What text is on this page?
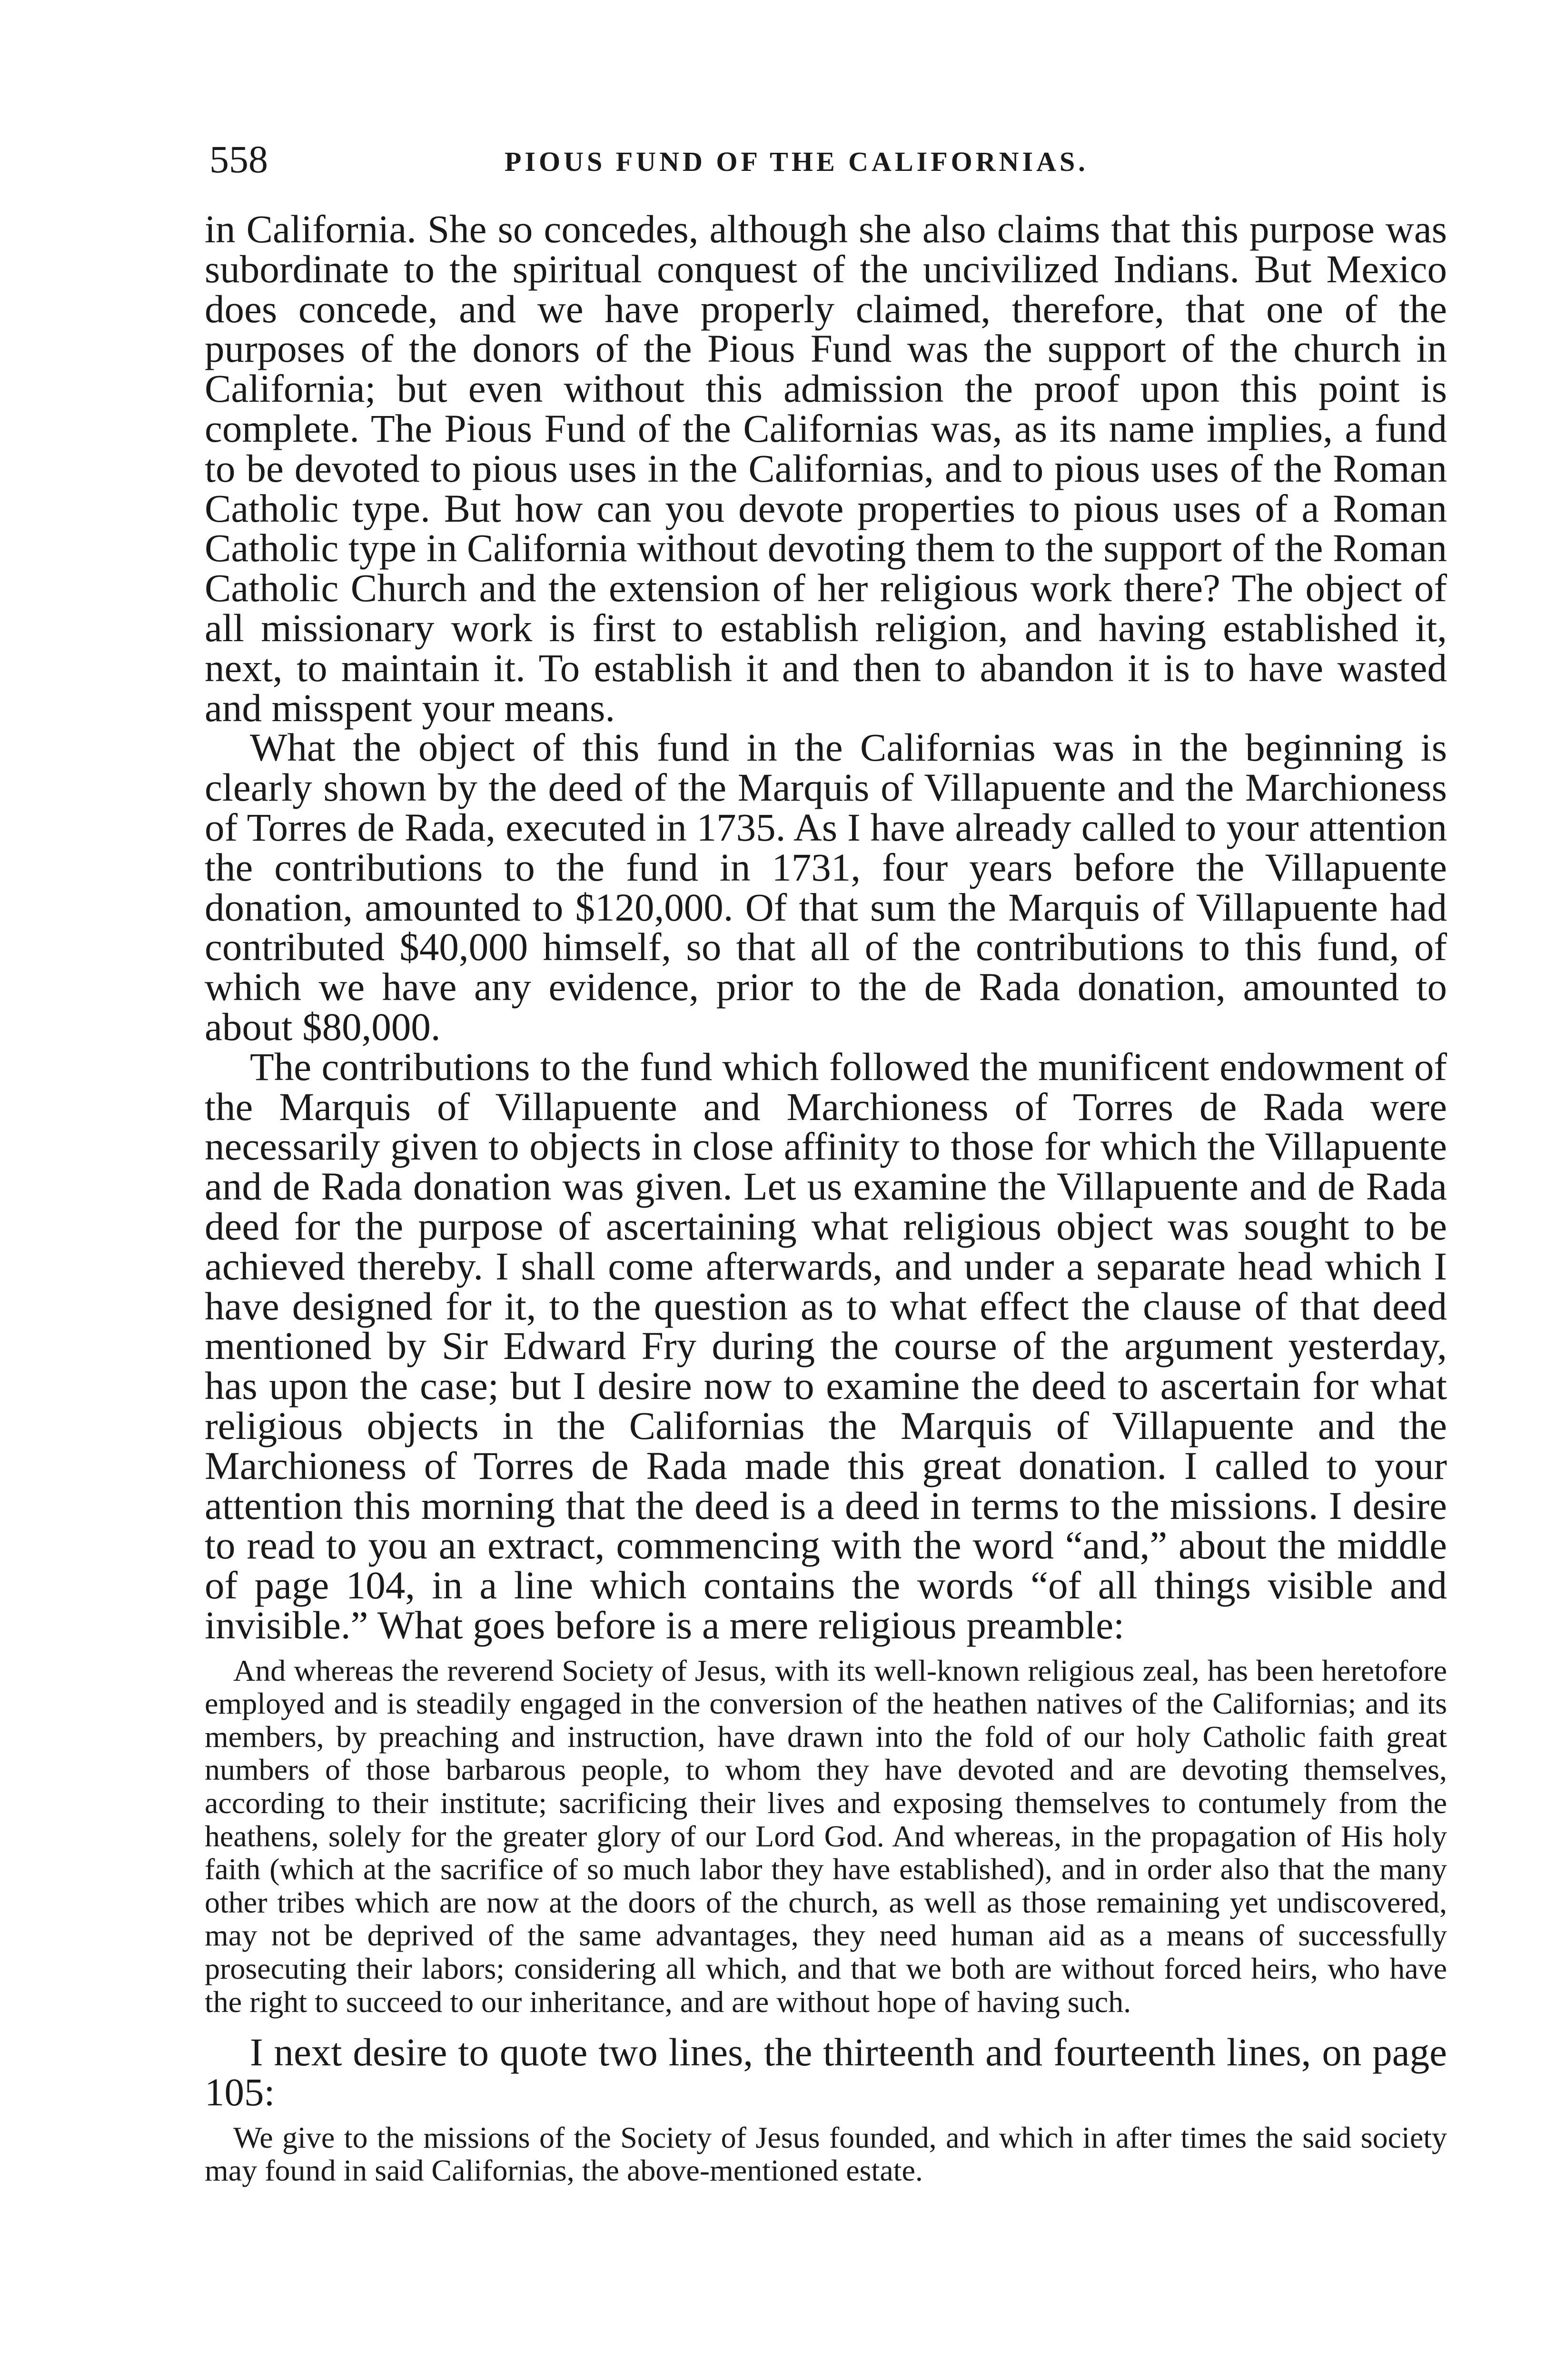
558	PIOUS FUND OF THE CALIFORNIAS.

in California. She so concedes, although she also claims that this purpose was subordinate to the spiritual conquest of the uncivilized Indians. But Mexico does concede, and we have properly claimed, therefore, that one of the purposes of the donors of the Pious Fund was the support of the church in California; but even without this admission the proof upon this point is complete. The Pious Fund of the Californias was, as its name implies, a fund to be devoted to pious uses in the Californias, and to pious uses of the Roman Catholic type. But how can you devote properties to pious uses of a Roman Catholic type in California without devoting them to the support of the Roman Catholic Church and the extension of her religious work there? The object of all missionary work is first to establish religion, and having established it, next, to maintain it. To establish it and then to abandon it is to have wasted and misspent your means.

What the object of this fund in the Californias was in the beginning is clearly shown by the deed of the Marquis of Villapuente and the Marchioness of Torres de Rada, executed in 1735. As I have already called to your attention the contributions to the fund in 1731, four years before the Villapuente donation, amounted to $120,000. Of that sum the Marquis of Villapuente had contributed $40,000 himself, so that all of the contributions to this fund, of which we have any evidence, prior to the de Rada donation, amounted to about $80,000.

The contributions to the fund which followed the munificent endowment of the Marquis of Villapuente and Marchioness of Torres de Rada were necessarily given to objects in close affinity to those for which the Villapuente and de Rada donation was given. Let us examine the Villapuente and de Rada deed for the purpose of ascertaining what religious object was sought to be achieved thereby. I shall come afterwards, and under a separate head which I have designed for it, to the question as to what effect the clause of that deed mentioned by Sir Edward Fry during the course of the argument yesterday, has upon the case; but I desire now to examine the deed to ascertain for what religious objects in the Californias the Marquis of Villapuente and the Marchioness of Torres de Rada made this great donation. I called to your attention this morning that the deed is a deed in terms to the missions. I desire to read to you an extract, commencing with the word “and,” about the middle of page 104, in a line which contains the words “of all things visible and invisible.” What goes before is a mere religious preamble:

And whereas the reverend Society of Jesus, with its well-known religious zeal, has been heretofore employed and is steadily engaged in the conversion of the heathen natives of the Californias; and its members, by preaching and instruction, have drawn into the fold of our holy Catholic faith great numbers of those barbarous people, to whom they have devoted and are devoting themselves, according to their institute; sacrificing their lives and exposing themselves to contumely from the heathens, solely for the greater glory of our Lord God. And whereas, in the propagation of His holy faith (which at the sacrifice of so much labor they have established), and in order also that the many other tribes which are now at the doors of the church, as well as those remaining yet undiscovered, may not be deprived of the same advantages, they need human aid as a means of successfully prosecuting their labors; considering all which, and that we both are without forced heirs, who have the right to succeed to our inheritance, and are without hope of having such.

I next desire to quote two lines, the thirteenth and fourteenth lines, on page 105:

We give to the missions of the Society of Jesus founded, and which in after times the said society may found in said Californias, the above-mentioned estate.
